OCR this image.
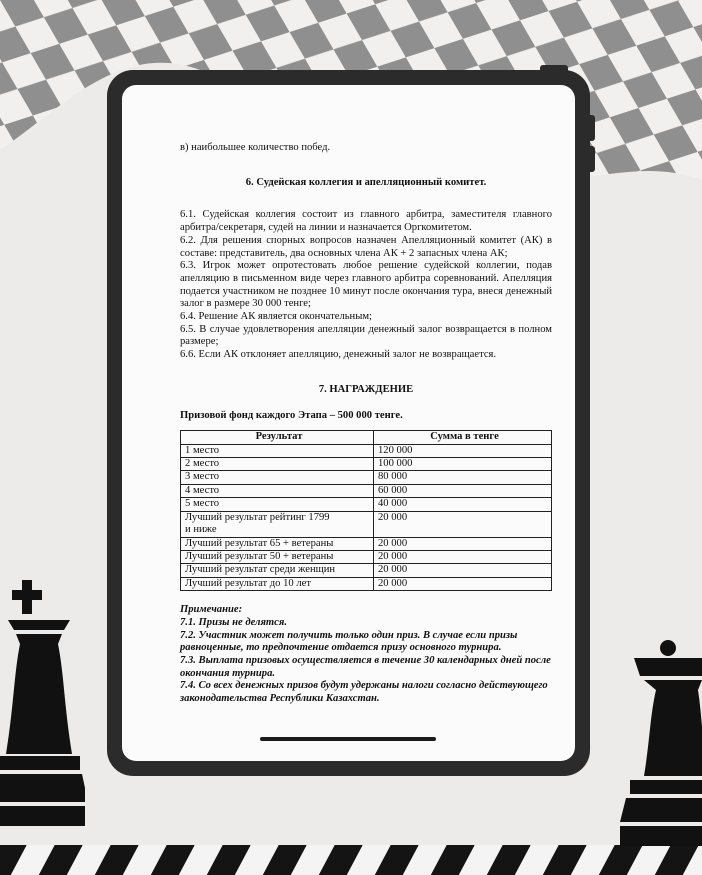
в) наибольшее количество побед.

6. Судейская коллегия и апелляционный комитет.

6.1. Судейская коллегия состоит из главного арбитра, заместителя главного арбитра/секретаря, судей на линии и назначается Оргкомитетом.

6.2. Для решения спорных вопросов назначен Апелляционный комитет (АК) в составе: представитель, два основных члена АК + 2 запасных члена АК;

6.3. Игрок может опротестовать любое решение судейской коллегии, подав апелляцию в письменном виде через главного арбитра соревнований. Апелляция подается участником не позднее 10 минут после окончания тура, внеся денежный залог в размере 30 000 тенге;

6.4. Решение АК является окончательным;

6.5. В случае удовлетворения апелляции денежный залог возвращается в полном размере;

6.6. Если АК отклоняет апелляцию, денежный залог не возвращается.

7. НАГРАЖДЕНИЕ

Призовой фонд каждого Этапа – 500 000 тенге.

Результат	Сумма в тенге
1 место	120 000
2 место	100 000
3 место	80 000
4 место	60 000
5 место	40 000
Лучший результат рейтинг 1799 и ниже	20 000
Лучший результат 65 + ветераны	20 000
Лучший результат 50 + ветераны	20 000
Лучший результат среди женщин	20 000
Лучший результат до 10 лет	20 000

Примечание:

7.1. Призы не делятся.

7.2. Участник может получить только один приз. В случае если призы равноценные, то предпочтение отдается призу основного турнира.

7.3. Выплата призовых осуществляется в течение 30 календарных дней после окончания турнира.

7.4. Со всех денежных призов будут удержаны налоги согласно действующего законодательства Республики Казахстан.
